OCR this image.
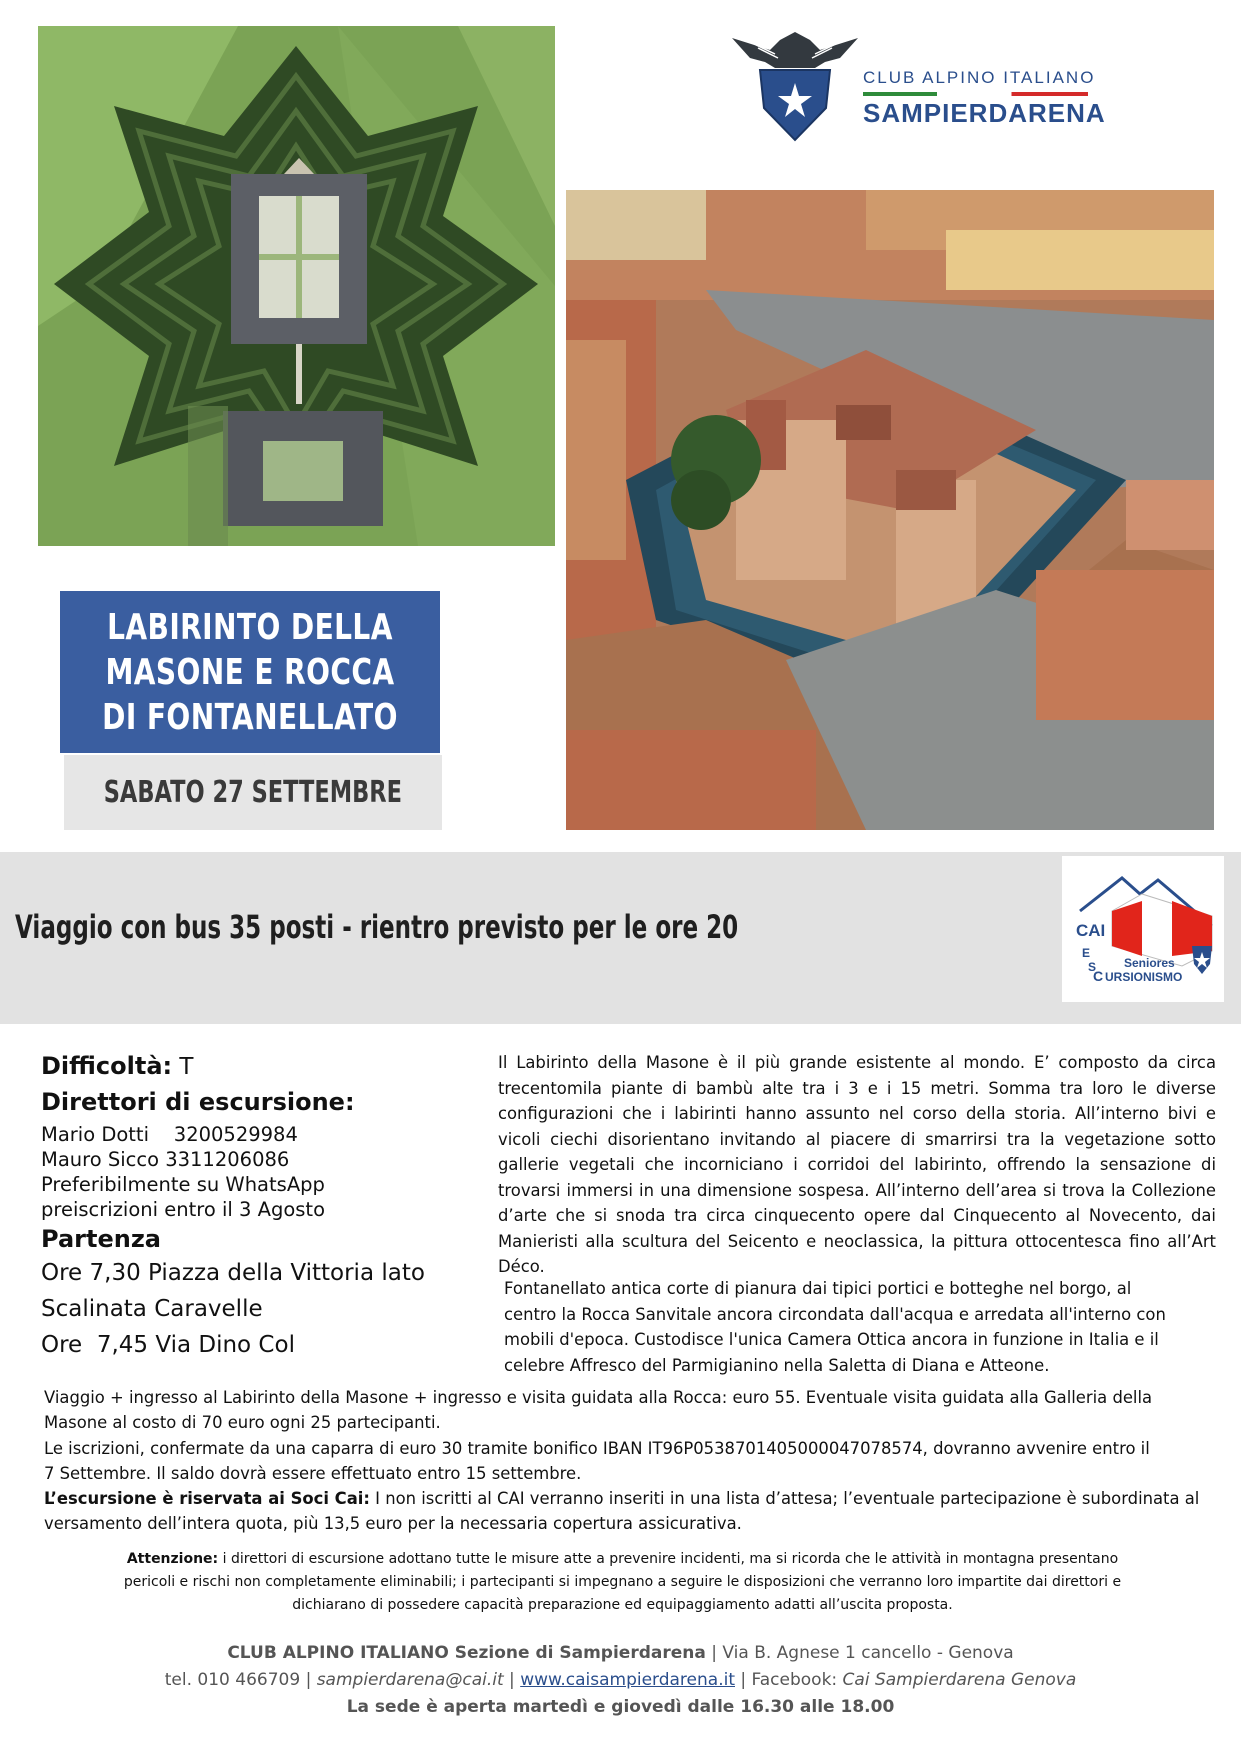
CLUB ALPINO ITALIANO
SAMPIERDARENA
LABIRINTO DELLA MASONE E ROCCA DI FONTANELLATO
SABATO 27 SETTEMBRE
Viaggio con bus 35 posti - rientro previsto per le ore 20	CAI
E
S Seniores
C URSIONISMO
Difficoltà: T
Direttori di escursione:
Mario Dotti    3200529984
Mauro Sicco 3311206086
Preferibilmente su WhatsApp
preiscrizioni entro il 3 Agosto
Partenza
Ore 7,30 Piazza della Vittoria lato
Scalinata Caravelle
Ore  7,45 Via Dino Col
Il Labirinto della Masone è il più grande esistente al mondo. E’ composto da circa trecentomila piante di bambù alte tra i 3 e i 15 metri. Somma tra loro le diverse configurazioni che i labirinti hanno assunto nel corso della storia. All’interno bivi e vicoli ciechi disorientano invitando al piacere di smarrirsi tra la vegetazione sotto gallerie vegetali che incorniciano i corridoi del labirinto, offrendo la sensazione di trovarsi immersi in una dimensione sospesa. All’interno dell’area si trova la Collezione d’arte che si snoda tra circa cinquecento opere dal Cinquecento al Novecento, dai Manieristi alla scultura del Seicento e neoclassica, la pittura ottocentesca fino all’Art Déco.
Fontanellato antica corte di pianura dai tipici portici e botteghe nel borgo, al
centro la Rocca Sanvitale ancora circondata dall'acqua e arredata all'interno con
mobili d'epoca. Custodisce l'unica Camera Ottica ancora in funzione in Italia e il
celebre Affresco del Parmigianino nella Saletta di Diana e Atteone.
Viaggio + ingresso al Labirinto della Masone + ingresso e visita guidata alla Rocca: euro 55. Eventuale visita guidata alla Galleria della
Masone al costo di 70 euro ogni 25 partecipanti.
Le iscrizioni, confermate da una caparra di euro 30 tramite bonifico IBAN IT96P0538701405000047078574, dovranno avvenire entro il
7 Settembre. Il saldo dovrà essere effettuato entro 15 settembre.
L’escursione è riservata ai Soci Cai: I non iscritti al CAI verranno inseriti in una lista d’attesa; l’eventuale partecipazione è subordinata al
versamento dell’intera quota, più 13,5 euro per la necessaria copertura assicurativa.
Attenzione: i direttori di escursione adottano tutte le misure atte a prevenire incidenti, ma si ricorda che le attività in montagna presentano
pericoli e rischi non completamente eliminabili; i partecipanti si impegnano a seguire le disposizioni che verranno loro impartite dai direttori e
dichiarano di possedere capacità preparazione ed equipaggiamento adatti all’uscita proposta.
CLUB ALPINO ITALIANO Sezione di Sampierdarena | Via B. Agnese 1 cancello - Genova
tel. 010 466709 | sampierdarena@cai.it | www.caisampierdarena.it | Facebook: Cai Sampierdarena Genova
La sede è aperta martedì e giovedì dalle 16.30 alle 18.00
